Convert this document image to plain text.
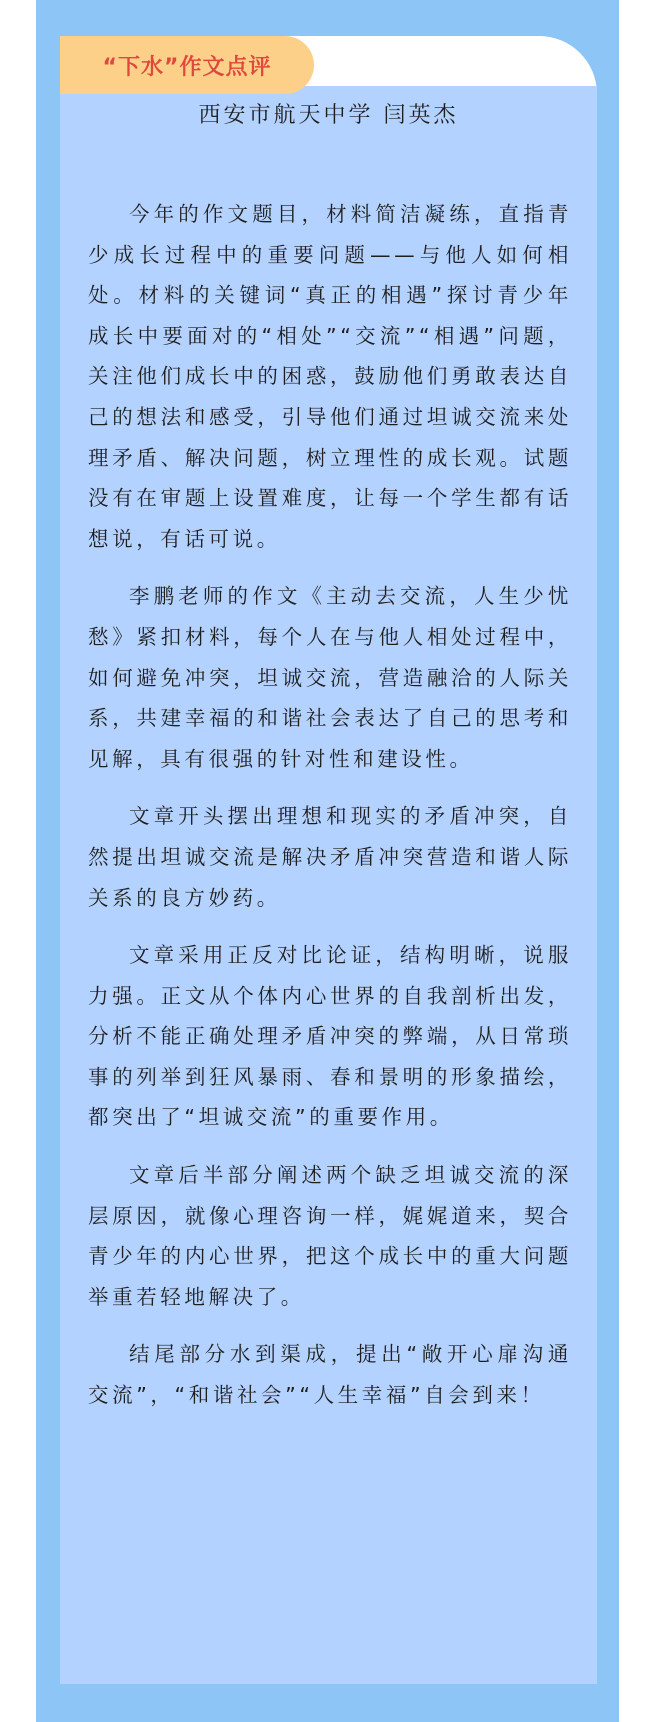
“下水”作文点评
西安市航天中学 闫英杰

今年的作文题目，材料简洁凝练，直指青少成长过程中的重要问题——与他人如何相处。材料的关键词“真正的相遇”探讨青少年成长中要面对的“相处”“交流”“相遇”问题，关注他们成长中的困惑，鼓励他们勇敢表达自己的想法和感受，引导他们通过坦诚交流来处理矛盾、解决问题，树立理性的成长观。试题没有在审题上设置难度，让每一个学生都有话想说，有话可说。

李鹏老师的作文《主动去交流，人生少忧愁》紧扣材料，每个人在与他人相处过程中，如何避免冲突，坦诚交流，营造融洽的人际关系，共建幸福的和谐社会表达了自己的思考和见解，具有很强的针对性和建设性。

文章开头摆出理想和现实的矛盾冲突，自然提出坦诚交流是解决矛盾冲突营造和谐人际关系的良方妙药。

文章采用正反对比论证，结构明晰，说服力强。正文从个体内心世界的自我剖析出发，分析不能正确处理矛盾冲突的弊端，从日常琐事的列举到狂风暴雨、春和景明的形象描绘，都突出了“坦诚交流”的重要作用。

文章后半部分阐述两个缺乏坦诚交流的深层原因，就像心理咨询一样，娓娓道来，契合青少年的内心世界，把这个成长中的重大问题举重若轻地解决了。

结尾部分水到渠成，提出“敞开心扉沟通交流”，“和谐社会”“人生幸福”自会到来！
